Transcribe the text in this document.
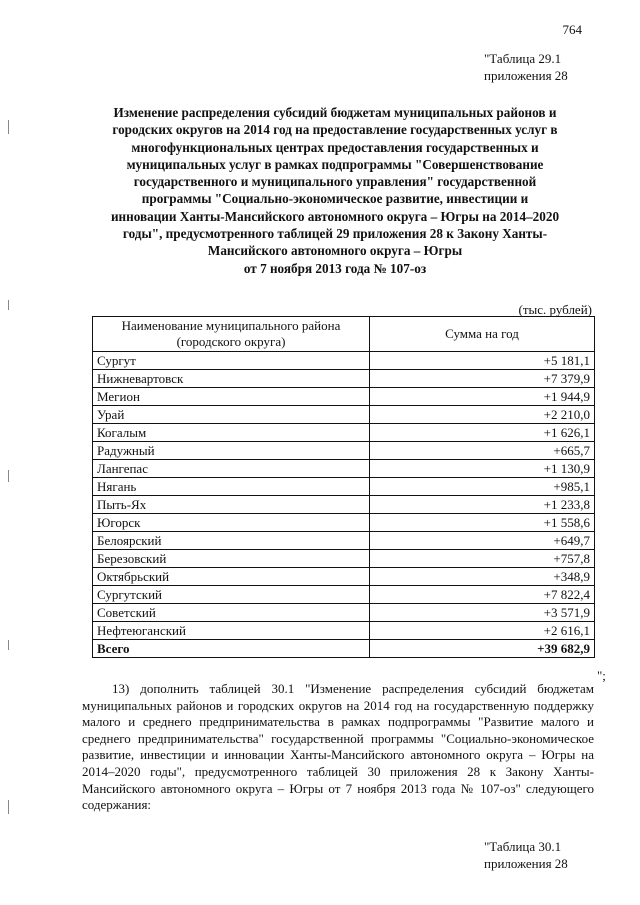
764
"Таблица 29.1
приложения 28
Изменение распределения субсидий бюджетам муниципальных районов и
городских округов на 2014 год на предоставление государственных услуг в
многофункциональных центрах предоставления государственных и
муниципальных услуг в рамках подпрограммы "Совершенствование
государственного и муниципального управления" государственной
программы "Социально-экономическое развитие, инвестиции и
инновации Ханты-Мансийского автономного округа – Югры на 2014–2020
годы", предусмотренного таблицей 29 приложения 28 к Закону Ханты-
Мансийского автономного округа – Югры
от 7 ноября 2013 года № 107-оз
(тыс. рублей)
Наименование муниципального района
(городского округа)	Сумма на год
Сургут	+5 181,1
Нижневартовск	+7 379,9
Мегион	+1 944,9
Урай	+2 210,0
Когалым	+1 626,1
Радужный	+665,7
Лангепас	+1 130,9
Нягань	+985,1
Пыть-Ях	+1 233,8
Югорск	+1 558,6
Белоярский	+649,7
Березовский	+757,8
Октябрьский	+348,9
Сургутский	+7 822,4
Советский	+3 571,9
Нефтеюганский	+2 616,1
Всего	+39 682,9
";
13) дополнить таблицей 30.1 "Изменение распределения субсидий бюджетам муниципальных районов и городских округов на 2014 год на государственную поддержку малого и среднего предпринимательства в рамках подпрограммы "Развитие малого и среднего предпринимательства" государственной программы "Социально-экономическое развитие, инвестиции и инновации Ханты-Мансийского автономного округа – Югры на 2014–2020 годы", предусмотренного таблицей 30 приложения 28 к Закону Ханты-Мансийского автономного округа – Югры от 7 ноября 2013 года № 107-оз" следующего содержания:
"Таблица 30.1
приложения 28
